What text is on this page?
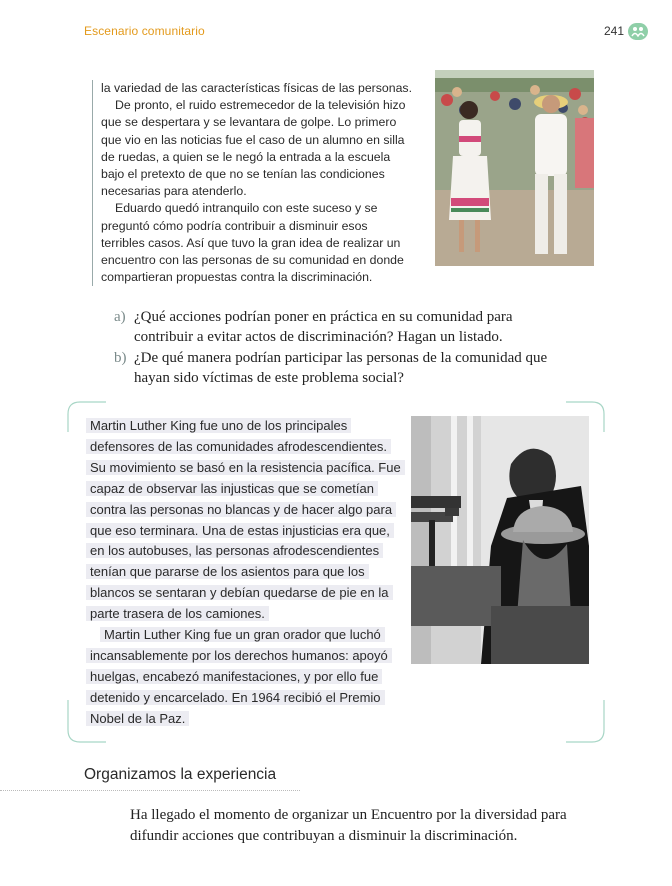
Escenario comunitario	241

la variedad de las características físicas de las personas.

De pronto, el ruido estremecedor de la televisión hizo que se despertara y se levantara de golpe. Lo primero que vio en las noticias fue el caso de un alumno en silla de ruedas, a quien se le negó la entrada a la escuela bajo el pretexto de que no se tenían las condiciones necesarias para atenderlo.

Eduardo quedó intranquilo con este suceso y se preguntó cómo podría contribuir a disminuir esos terribles casos. Así que tuvo la gran idea de realizar un encuentro con las personas de su comunidad en donde compartieran propuestas contra la discriminación.

a) ¿Qué acciones podrían poner en práctica en su comunidad para contribuir a evitar actos de discriminación? Hagan un listado.
b) ¿De qué manera podrían participar las personas de la comunidad que hayan sido víctimas de este problema social?

Martin Luther King fue uno de los principales defensores de las comunidades afrodescendientes. Su movimiento se basó en la resistencia pacífica. Fue capaz de observar las injusticas que se cometían contra las personas no blancas y de hacer algo para que eso terminara. Una de estas injusticias era que, en los autobuses, las personas afrodescendientes tenían que pararse de los asientos para que los blancos se sentaran y debían quedarse de pie en la parte trasera de los camiones.

Martin Luther King fue un gran orador que luchó incansablemente por los derechos humanos: apoyó huelgas, encabezó manifestaciones, y por ello fue detenido y encarcelado. En 1964 recibió el Premio Nobel de la Paz.

Organizamos la experiencia
Ha llegado el momento de organizar un Encuentro por la diversidad para difundir acciones que contribuyan a disminuir la discriminación.
